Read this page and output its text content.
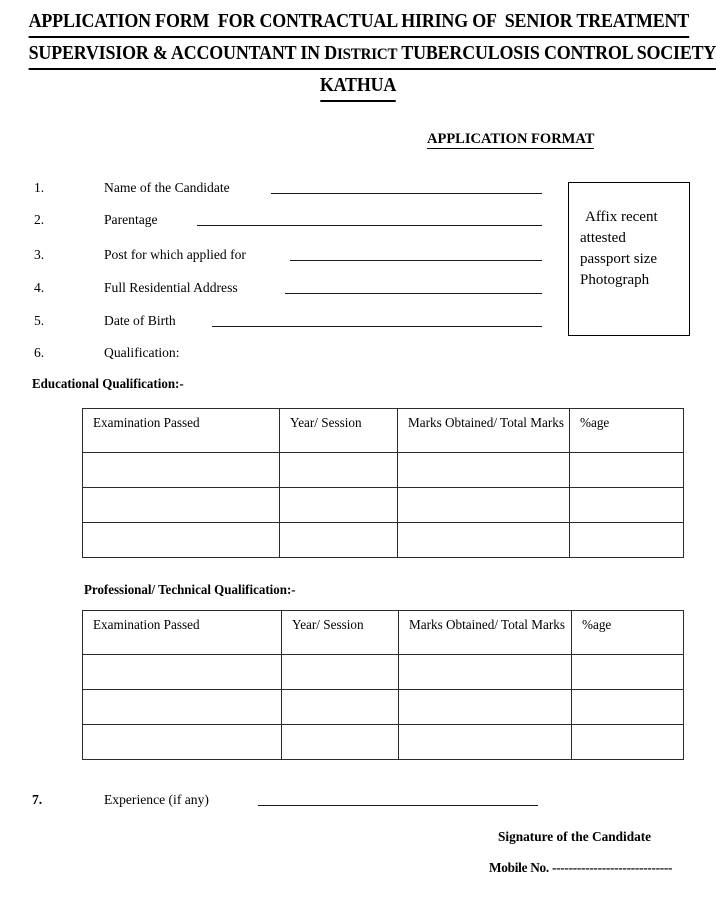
APPLICATION FORM  FOR CONTRACTUAL HIRING OF  SENIOR TREATMENT
SUPERVISIOR & ACCOUNTANT IN DISTRICT TUBERCULOSIS CONTROL SOCIETY
KATHUA
APPLICATION FORMAT
1.	Name of the Candidate
2.	Parentage
3.	Post for which applied for
4.	Full Residential Address
5.	Date of Birth
6.	Qualification:
Affix recent
attested
passport size
Photograph
Educational Qualification:-
Examination Passed	Year/ Session	Marks Obtained/ Total Marks	%age

Professional/ Technical Qualification:-
Examination Passed	Year/ Session	Marks Obtained/ Total Marks	%age

7.	Experience (if any)
Signature of the Candidate
Mobile No. -----------------------------
